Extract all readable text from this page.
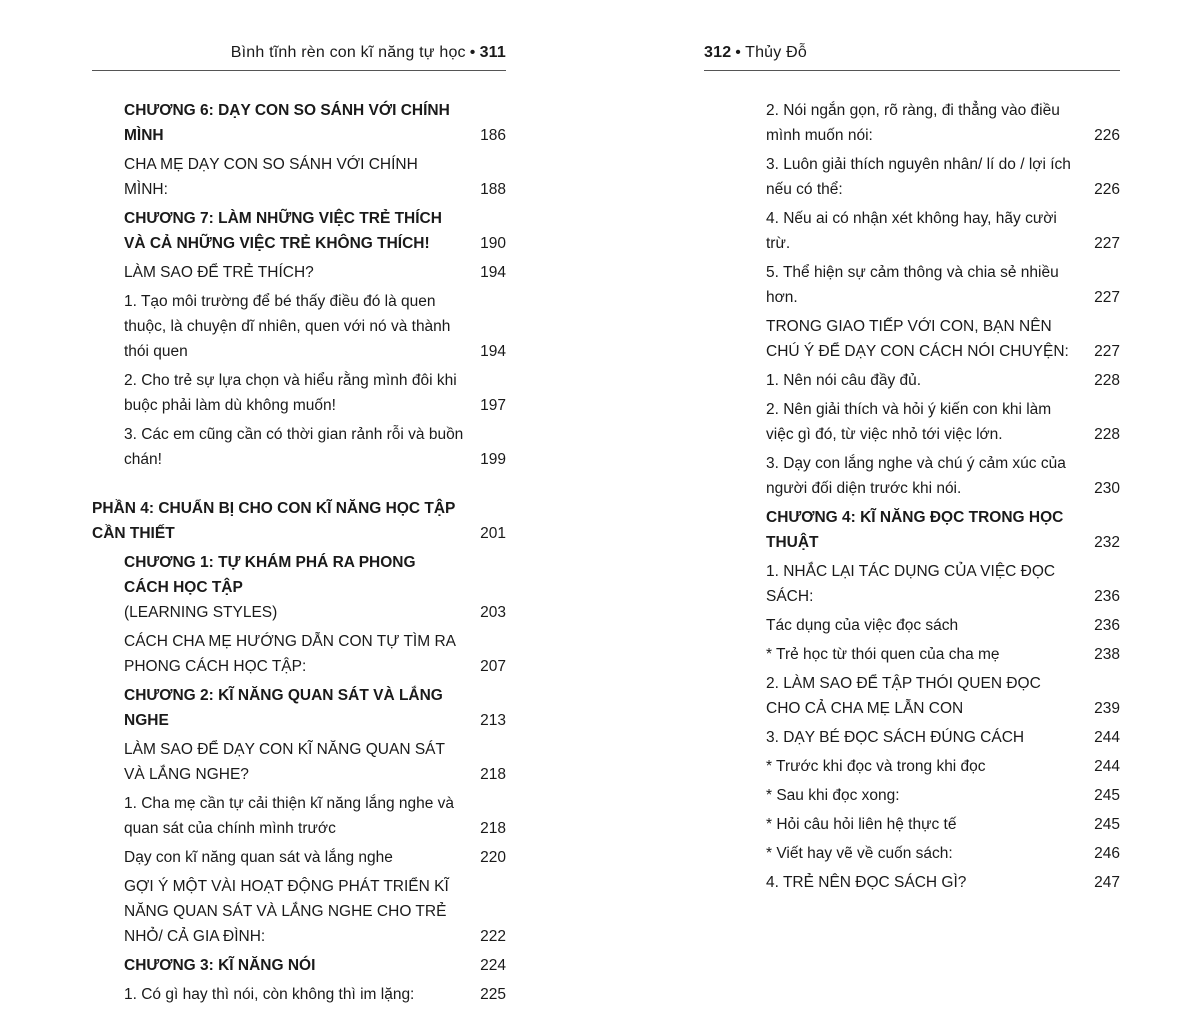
Bình tĩnh rèn con kĩ năng tự học • 311
CHƯƠNG 6: DẠY CON SO SÁNH VỚI CHÍNH MÌNH	186
CHA MẸ DẠY CON SO SÁNH VỚI CHÍNH MÌNH:	188
CHƯƠNG 7: LÀM NHỮNG VIỆC TRẺ THÍCH VÀ CẢ NHỮNG VIỆC TRẺ KHÔNG THÍCH!	190
LÀM SAO ĐỂ TRẺ THÍCH?	194
1. Tạo môi trường để bé thấy điều đó là quen thuộc, là chuyện dĩ nhiên, quen với nó và thành thói quen	194
2. Cho trẻ sự lựa chọn và hiểu rằng mình đôi khi buộc phải làm dù không muốn!	197
3. Các em cũng cần có thời gian rảnh rỗi và buồn chán!	199
PHẦN 4: CHUẨN BỊ CHO CON KĨ NĂNG HỌC TẬP CẦN THIẾT	201
CHƯƠNG 1: TỰ KHÁM PHÁ RA PHONG CÁCH HỌC TẬP
(LEARNING STYLES)	203
CÁCH CHA MẸ HƯỚNG DẪN CON TỰ TÌM RA PHONG CÁCH HỌC TẬP:	207
CHƯƠNG 2: KĨ NĂNG QUAN SÁT VÀ LẮNG NGHE	213
LÀM SAO ĐỂ DẠY CON KĨ NĂNG QUAN SÁT VÀ LẮNG NGHE?	218
1. Cha mẹ cần tự cải thiện kĩ năng lắng nghe và quan sát của chính mình trước	218
Dạy con kĩ năng quan sát và lắng nghe	220
GỢI Ý MỘT VÀI HOẠT ĐỘNG PHÁT TRIỂN KĨ NĂNG QUAN SÁT VÀ LẮNG NGHE CHO TRẺ NHỎ/ CẢ GIA ĐÌNH:	222
CHƯƠNG 3: KĨ NĂNG NÓI	224
1. Có gì hay thì nói, còn không thì im lặng:	225
312 • Thủy Đỗ
2. Nói ngắn gọn, rõ ràng, đi thẳng vào điều mình muốn nói:	226
3. Luôn giải thích nguyên nhân/ lí do / lợi ích nếu có thể:	226
4. Nếu ai có nhận xét không hay, hãy cười trừ.	227
5. Thể hiện sự cảm thông và chia sẻ nhiều hơn.	227
TRONG GIAO TIẾP VỚI CON, BẠN NÊN CHÚ Ý ĐỂ DẠY CON CÁCH NÓI CHUYỆN:	227
1. Nên nói câu đầy đủ.	228
2. Nên giải thích và hỏi ý kiến con khi làm việc gì đó, từ việc nhỏ tới việc lớn.	228
3. Dạy con lắng nghe và chú ý cảm xúc của người đối diện trước khi nói.	230
CHƯƠNG 4: KĨ NĂNG ĐỌC TRONG HỌC THUẬT	232
1. NHẮC LẠI TÁC DỤNG CỦA VIỆC ĐỌC SÁCH:	236
Tác dụng của việc đọc sách	236
* Trẻ học từ thói quen của cha mẹ	238
2. LÀM SAO ĐỂ TẬP THÓI QUEN ĐỌC CHO CẢ CHA MẸ LẪN CON	239
3. DẠY BÉ ĐỌC SÁCH ĐÚNG CÁCH	244
* Trước khi đọc và trong khi đọc	244
* Sau khi đọc xong:	245
* Hỏi câu hỏi liên hệ thực tế	245
* Viết hay vẽ về cuốn sách:	246
4. TRẺ NÊN ĐỌC SÁCH GÌ?	247
